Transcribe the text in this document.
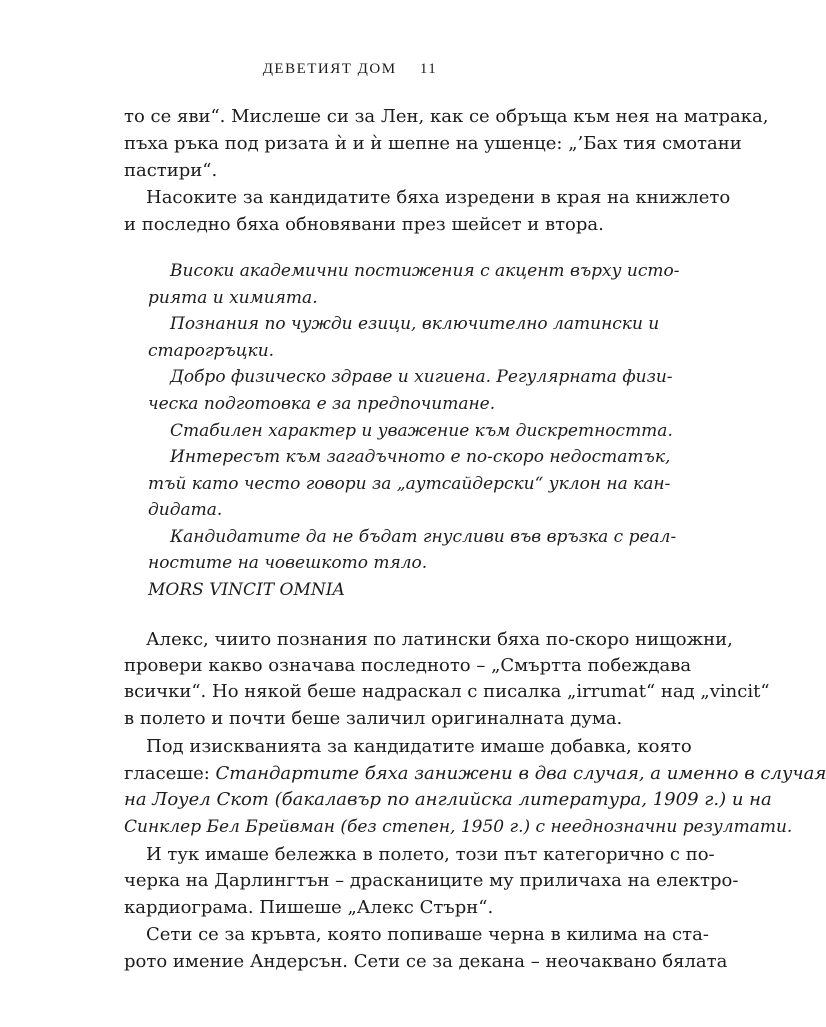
ДЕВЕТИЯТ ДОМ 11
то се яви“. Мислеше си за Лен, как се обръща към нея на матрака,
пъха ръка под ризата ѝ и ѝ шепне на ушенце: „’Бах тия смотани
пастири“.
Насоките за кандидатите бяха изредени в края на книжлето
и последно бяха обновявани през шейсет и втора.
Високи академични постижения с акцент върху исто-
рията и химията.
Познания по чужди езици, включително латински и
старогръцки.
Добро физическо здраве и хигиена. Регулярната физи-
ческа подготовка е за предпочитане.
Стабилен характер и уважение към дискретността.
Интересът към загадъчното е по-скоро недостатък,
тъй като често говори за „аутсайдерски“ уклон на кан-
дидата.
Кандидатите да не бъдат гнусливи във връзка с реал-
ностите на човешкото тяло.
MORS VINCIT OMNIA
Алекс, чиито познания по латински бяха по-скоро нищожни,
провери какво означава последното – „Смъртта побеждава
всички“. Но някой беше надраскал с писалка „irrumat“ над „vincit“
в полето и почти беше заличил оригиналната дума.
Под изискванията за кандидатите имаше добавка, която
гласеше: Стандартите бяха занижени в два случая, а именно в случая
на Лоуел Скот (бакалавър по английска литература, 1909 г.) и на
Синклер Бел Брейвман (без степен, 1950 г.) с нееднозначни резултати.
И тук имаше бележка в полето, този път категорично с по-
черка на Дарлингтън – драсканиците му приличаха на електро-
кардиограма. Пишеше „Алекс Стърн“.
Сети се за кръвта, която попиваше черна в килима на ста-
рото имение Андерсън. Сети се за декана – неочаквано бялата
